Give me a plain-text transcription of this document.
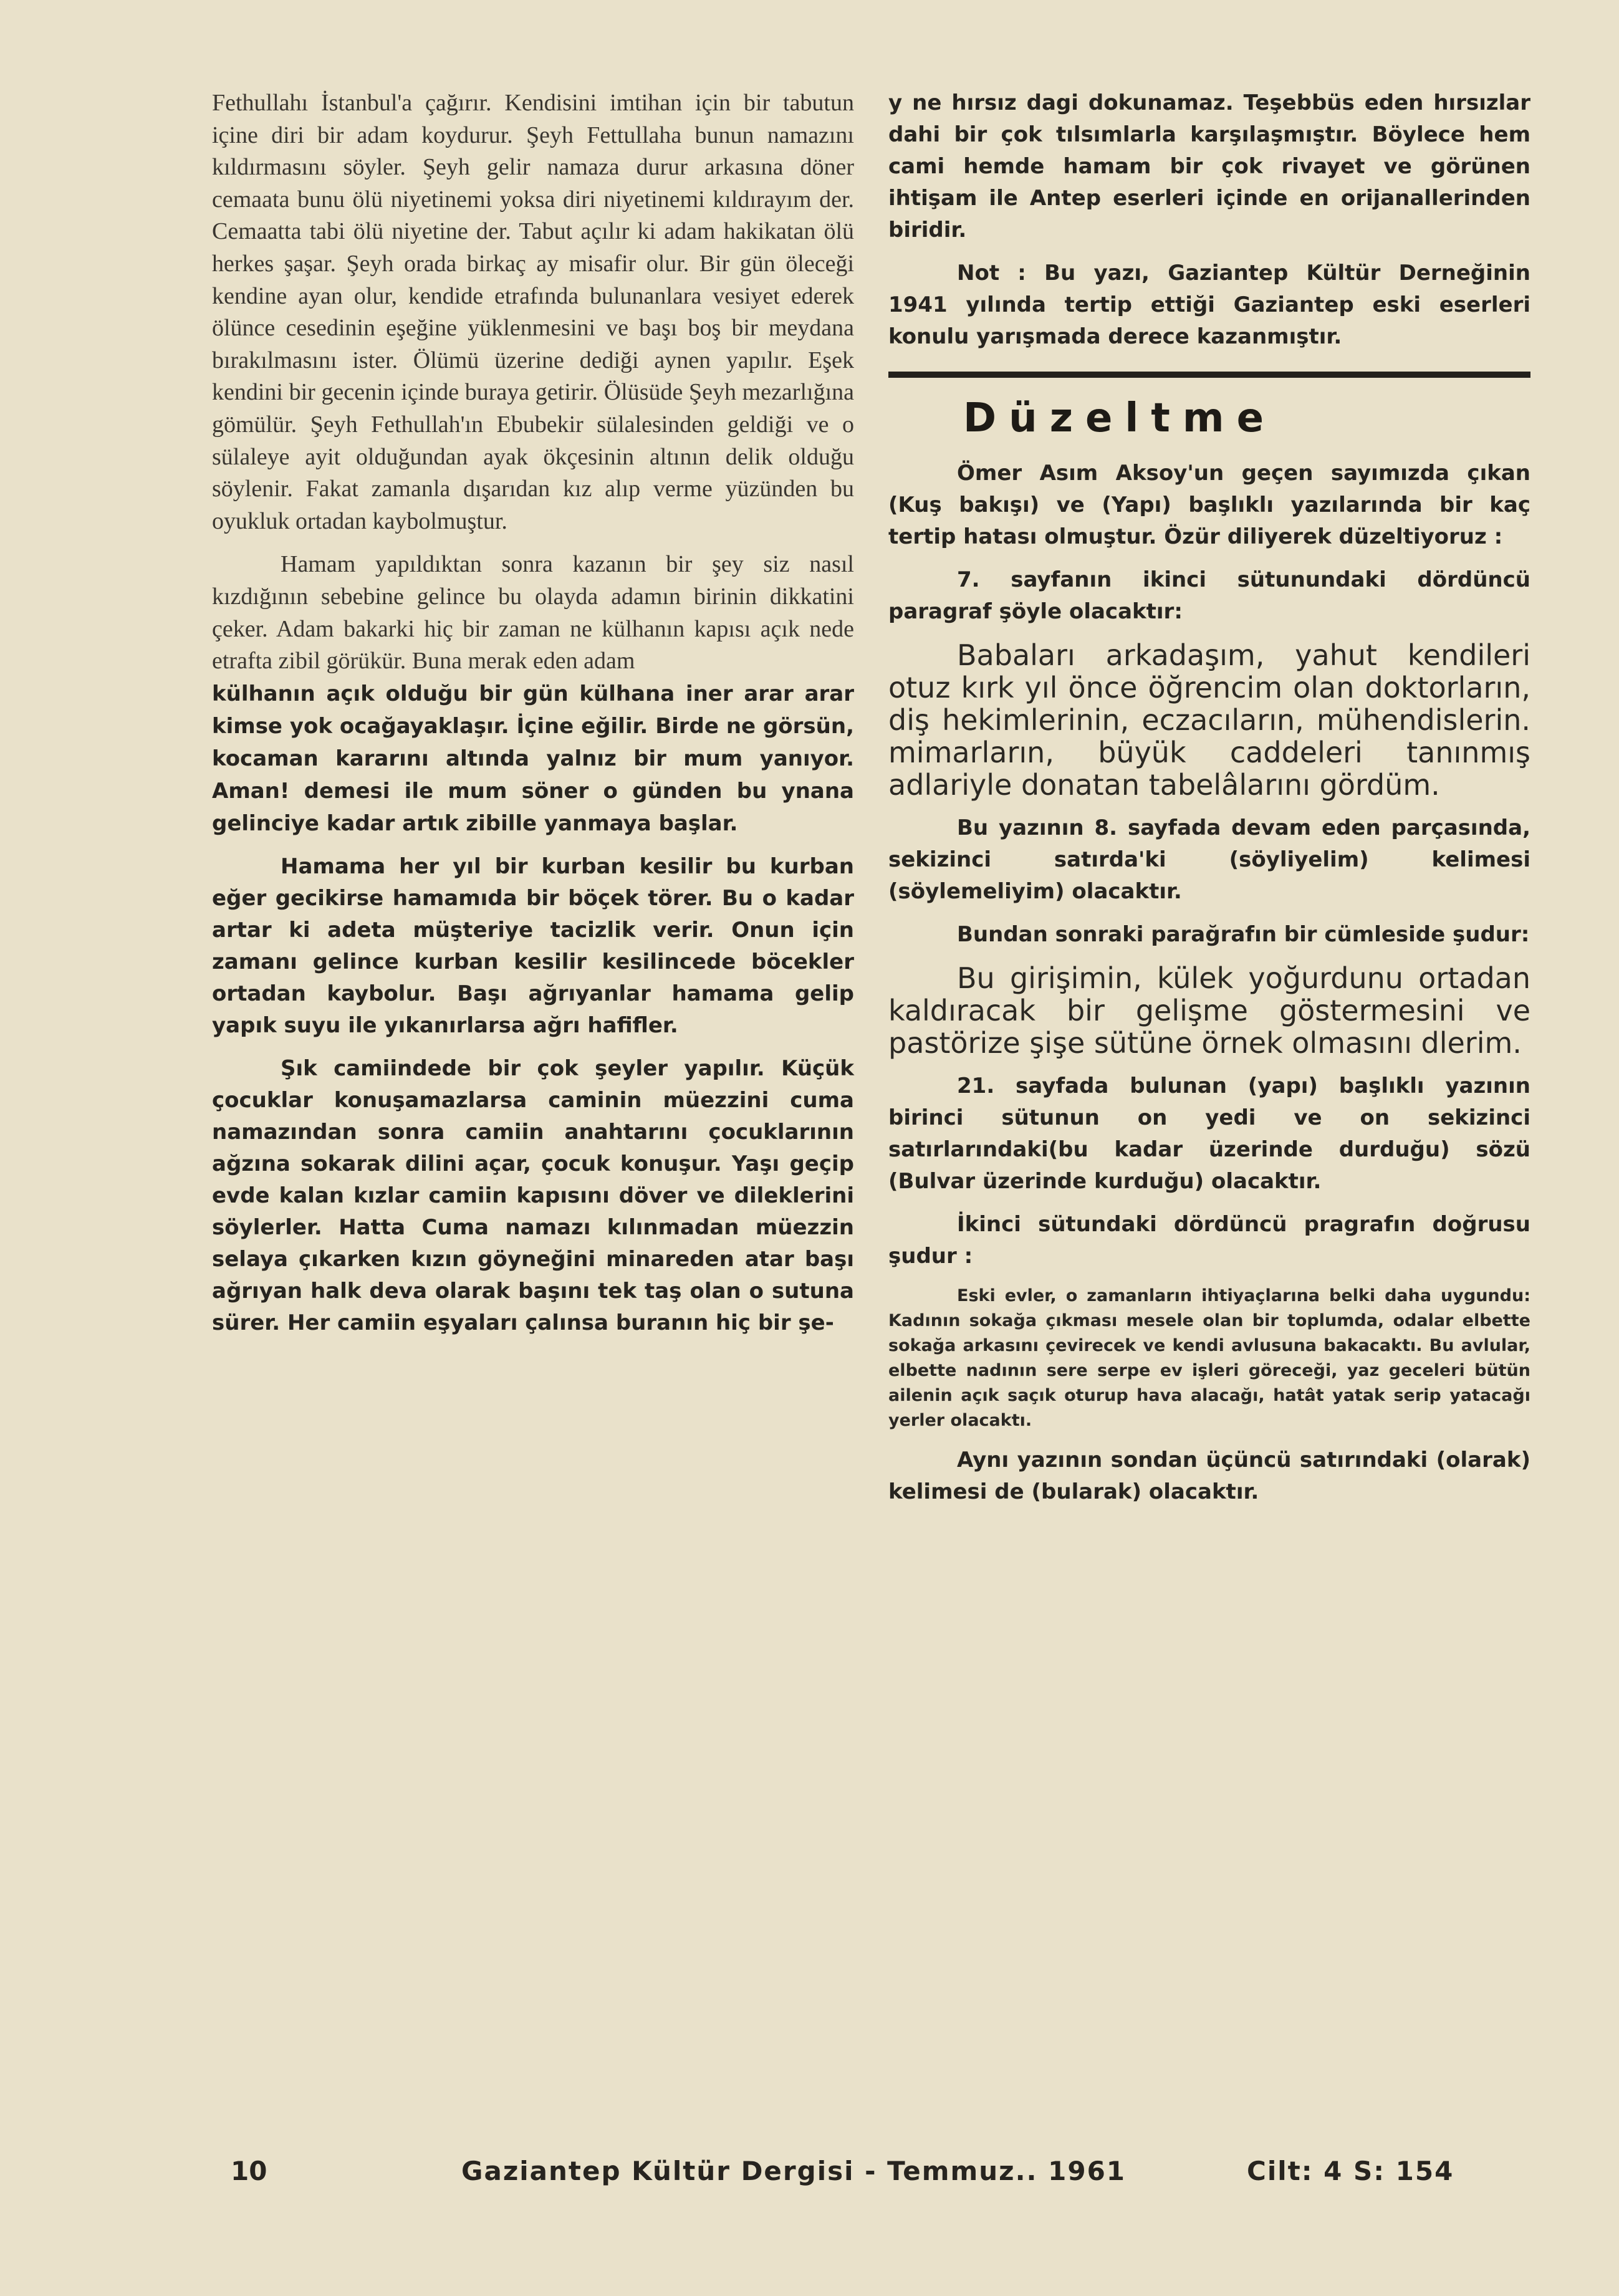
Fethullahı İstanbul'a çağırır. Kendisini imtihan için bir tabutun içine diri bir adam koydurur. Şeyh Fettullaha bunun namazını kıldırmasını söyler. Şeyh gelir namaza durur arkasına döner cemaata bunu ölü niyetinemi yoksa diri niyetinemi kıldırayım der. Cemaatta tabi ölü niyetine der. Tabut açılır ki adam hakikatan ölü herkes şaşar. Şeyh orada birkaç ay misafir olur. Bir gün öleceği kendine ayan olur, kendide etrafında bulunanlara vesiyet ederek ölünce cesedinin eşeğine yüklenmesini ve başı boş bir meydana bırakılmasını ister. Ölümü üzerine dediği aynen yapılır. Eşek kendini bir gecenin içinde buraya getirir. Ölüsüde Şeyh mezarlığına gömülür. Şeyh Fethullah'ın Ebubekir sülalesinden geldiği ve o sülaleye ayit olduğundan ayak ökçesinin altının delik olduğu söylenir. Fakat zamanla dışarıdan kız alıp verme yüzünden bu oyukluk ortadan kaybolmuştur.

Hamam yapıldıktan sonra kazanın bir şey siz nasıl kızdığının sebebine gelince bu olayda adamın birinin dikkatini çeker. Adam bakarki hiç bir zaman ne külhanın kapısı açık nede etrafta zibil görükür. Buna merak eden adam

külhanın açık olduğu bir gün külhana iner arar arar kimse yok ocağayaklaşır. İçine eğilir. Birde ne görsün, kocaman kararını altında yalnız bir mum yanıyor. Aman! demesi ile mum söner o günden bu ynana gelinciye kadar artık zibille yanmaya başlar.

Hamama her yıl bir kurban kesilir bu kurban eğer gecikirse hamamıda bir böçek törer. Bu o kadar artar ki adeta müşteriye tacizlik verir. Onun için zamanı gelince kurban kesilir kesilincede böcekler ortadan kaybolur. Başı ağrıyanlar hamama gelip yapık suyu ile yıkanırlarsa ağrı hafifler.

Şık camiindede bir çok şeyler yapılır. Küçük çocuklar konuşamazlarsa caminin müezzini cuma namazından sonra camiin anahtarını çocuklarının ağzına sokarak dilini açar, çocuk konuşur. Yaşı geçip evde kalan kızlar camiin kapısını döver ve dileklerini söylerler. Hatta Cuma namazı kılınmadan müezzin selaya çıkarken kızın göyneğini minareden atar başı ağrıyan halk deva olarak başını tek taş olan o sutuna sürer. Her camiin eşyaları çalınsa buranın hiç bir şe-

y ne hırsız dagi dokunamaz. Teşebbüs eden hırsızlar dahi bir çok tılsımlarla karşılaşmıştır. Böylece hem cami hemde hamam bir çok rivayet ve görünen ihtişam ile Antep eserleri içinde en orijanallerinden biridir.

Not : Bu yazı, Gaziantep Kültür Derneğinin 1941 yılında tertip ettiği Gaziantep eski eserleri konulu yarışmada derece kazanmıştır.

Düzeltme

Ömer Asım Aksoy'un geçen sayımızda çıkan (Kuş bakışı) ve (Yapı) başlıklı yazılarında bir kaç tertip hatası olmuştur. Özür diliyerek düzeltiyoruz :

7. sayfanın ikinci sütunundaki dördüncü paragraf şöyle olacaktır:

Babaları arkadaşım, yahut kendileri otuz kırk yıl önce öğrencim olan doktorların, diş hekimlerinin, eczacıların, mühendislerin. mimarların, büyük caddeleri tanınmış adlariyle donatan tabelâlarını gördüm.

Bu yazının 8. sayfada devam eden parçasında, sekizinci satırda'ki (söyliyelim) kelimesi (söylemeliyim) olacaktır.

Bundan sonraki parağrafın bir cümleside şudur:

Bu girişimin, külek yoğurdunu ortadan kaldıracak bir gelişme göstermesini ve pastörize şişe sütüne örnek olmasını dlerim.

21. sayfada bulunan (yapı) başlıklı yazının birinci sütunun on yedi ve on sekizinci satırlarındaki(bu kadar üzerinde durduğu) sözü (Bulvar üzerinde kurduğu) olacaktır.

İkinci sütundaki dördüncü pragrafın doğrusu şudur :

Eski evler, o zamanların ihtiyaçlarına belki daha uygundu: Kadının sokağa çıkması mesele olan bir toplumda, odalar elbette sokağa arkasını çevirecek ve kendi avlusuna bakacaktı. Bu avlular, elbette nadının sere serpe ev işleri göreceği, yaz geceleri bütün ailenin açık saçık oturup hava alacağı, hatât yatak serip yatacağı yerler olacaktı.

Aynı yazının sondan üçüncü satırındaki (olarak) kelimesi de (bularak) olacaktır.

10	Gaziantep Kültür Dergisi - Temmuz.. 1961	Cilt: 4 S: 154
